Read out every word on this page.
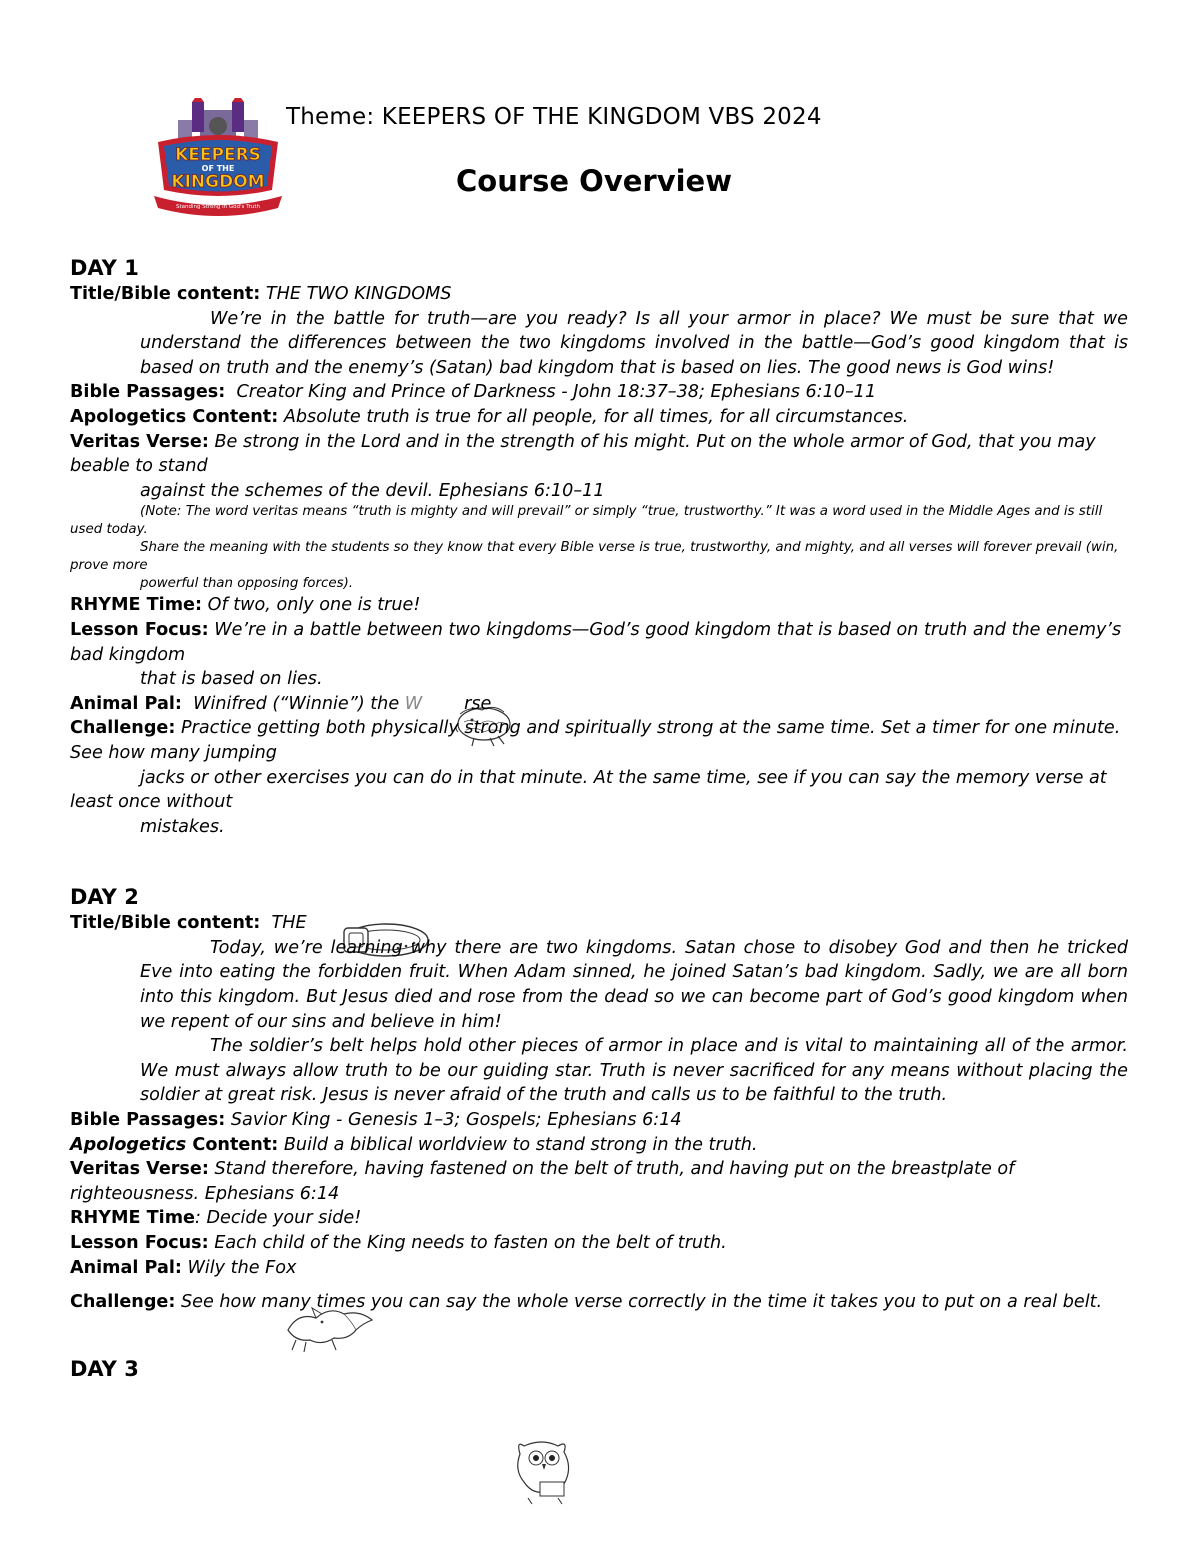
KEEPERS
OF THE
KINGDOM
Standing Strong in God's Truth
Theme: KEEPERS OF THE KINGDOM VBS 2024
Course Overview
DAY 1
Title/Bible content: THE TWO KINGDOMS
We’re in the battle for truth—are you ready? Is all your armor in place? We must be sure that we understand the differences between the two kingdoms involved in the battle—God’s good kingdom that is based on truth and the enemy’s (Satan) bad kingdom that is based on lies. The good news is God wins!
Bible Passages: Creator King and Prince of Darkness - John 18:37–38; Ephesians 6:10–11
Apologetics Content: Absolute truth is true for all people, for all times, for all circumstances.
Veritas Verse: Be strong in the Lord and in the strength of his might. Put on the whole armor of God, that you may beable to stand
against the schemes of the devil. Ephesians 6:10–11
(Note: The word veritas means “truth is mighty and will prevail” or simply “true, trustworthy.” It was a word used in the Middle Ages and is still used today.
Share the meaning with the students so they know that every Bible verse is true, trustworthy, and mighty, and all verses will forever prevail (win, prove more
powerful than opposing forces).
RHYME Time: Of two, only one is true!
Lesson Focus: We’re in a battle between two kingdoms—God’s good kingdom that is based on truth and the enemy’s bad kingdom
that is based on lies.
Animal Pal: Winifred (“Winnie”) the W rse
Challenge: Practice getting both physically strong and spiritually strong at the same time. Set a timer for one minute. See how many jumping
jacks or other exercises you can do in that minute. At the same time, see if you can say the memory verse at least once without
mistakes.
DAY 2
Title/Bible content: THE
Today, we’re learning why there are two kingdoms. Satan chose to disobey God and then he tricked Eve into eating the forbidden fruit. When Adam sinned, he joined Satan’s bad kingdom. Sadly, we are all born into this kingdom. But Jesus died and rose from the dead so we can become part of God’s good kingdom when we repent of our sins and believe in him!
The soldier’s belt helps hold other pieces of armor in place and is vital to maintaining all of the armor. We must always allow truth to be our guiding star. Truth is never sacrificed for any means without placing the soldier at great risk. Jesus is never afraid of the truth and calls us to be faithful to the truth.
Bible Passages: Savior King - Genesis 1–3; Gospels; Ephesians 6:14
Apologetics Content: Build a biblical worldview to stand strong in the truth.
Veritas Verse: Stand therefore, having fastened on the belt of truth, and having put on the breastplate of righteousness. Ephesians 6:14
RHYME Time: Decide your side!
Lesson Focus: Each child of the King needs to fasten on the belt of truth.
Animal Pal: Wily the Fox
Challenge: See how many times you can say the whole verse correctly in the time it takes you to put on a real belt.
DAY 3
